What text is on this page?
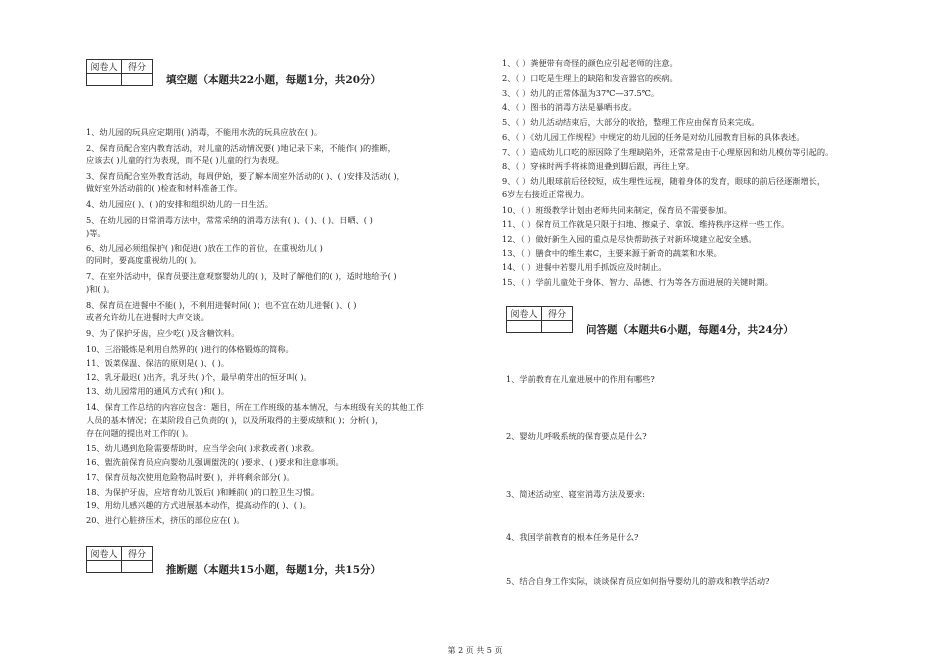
阅卷人	得分

填空题（本题共22小题，每题1分，共20分）
1、幼儿园的玩具应定期用( )消毒，不能用水洗的玩具应放在( )。
2、保育员配合室内教育活动，对儿童的活动情况要( )地记录下来，不能作( )的推断，
应该去( )儿童的行为表现，而不是( )儿童的行为表现。
3、保育员配合室外教育活动，每周伊始，要了解本周室外活动的( )、( )安排及活动( )，
做好室外活动前的( )检查和材料准备工作。
4、幼儿园应( )、( )的安排和组织幼儿的一日生活。
5、在幼儿园的日常消毒方法中，常常采纳的消毒方法有( )、( )、( )、日晒、( )
)等。
6、幼儿园必须组保护( )和促进( )放在工作的首位，在重视幼儿( )
的同时，要高度重视幼儿的( )。
7、在室外活动中，保育员要注意观察婴幼儿的( )，及时了解他们的( )，适时地给予( )
)和( )。
8、保育员在进餐中不能( )，不利用进餐时间( )；也不宜在幼儿进餐( )、( )
或者允许幼儿在进餐时大声交谈。
9、为了保护牙齿，应少吃( )及含糖饮料。
10、三浴锻炼是利用自然界的( )进行的体格锻炼的简称。
11、饭菜保温、保洁的原则是( )、( )。
12、乳牙最迟( )出齐，乳牙共( )个，最早萌芽出的恒牙叫( )。
13、幼儿园常用的通风方式有( )和( )。
14、保育工作总结的内容应包含：题目，所在工作班级的基本情况，与本班级有关的其他工作
人员的基本情况；在某阶段自己负责的( )，以及所取得的主要成绩和( )；分析( )，
存在问题的提出对工作的( )。
15、幼儿遇到危险需要帮助时，应当学会向( )求救或者( )求救。
16、盥洗前保育员应向婴幼儿强调盥洗的( )要求、( )要求和注意事项。
17、保育员每次使用危险物品时要( )，并将剩余部分( )。
18、为保护牙齿，应培育幼儿饭后( )和睡前( )的口腔卫生习惯。
19、用幼儿感兴趣的方式进展基本动作，提高动作的( )、( )。
20、进行心脏挤压术，挤压的部位应在( )。
阅卷人	得分

推断题（本题共15小题，每题1分，共15分）
1、（ ）粪便带有奇怪的颜色应引起老师的注意。
2、（ ）口吃是生理上的缺陷和发音器官的疾病。
3、（ ）幼儿的正常体温为37℃—37.5℃。
4、（ ）图书的消毒方法是暴晒书皮。
5、（ ）幼儿活动结束后，大部分的收拾，整理工作应由保育员来完成。
6、（ ）《幼儿园工作规程》中规定的幼儿园的任务是对幼儿园教育目标的具体表述。
7、（ ）造成幼儿口吃的原因除了生理缺陷外，还常常是由于心理原因和幼儿模仿等引起的。
8、（ ）穿袜时两手将袜筒退叠到脚后跟，再往上穿。
9、（ ）幼儿眼球前后径较短，成生理性远视，随着身体的发育，眼球的前后径逐渐增长，
6岁左右接近正常视力。
10、（ ）班级教学计划由老师共同来制定，保育员不需要参加。
11、（ ）保育员工作就是只限于扫地、擦桌子、拿饭、维持秩序这样一些工作。
12、（ ）做好新生入园的重点是尽快帮助孩子对新环境建立起安全感。
13、（ ）膳食中的维生素C，主要来源于新奇的蔬菜和水果。
14、（ ）进餐中若婴儿用手抓饭应及时制止。
15、（ ）学前儿童处于身体、智力、品德、行为等各方面进展的关键时期。
阅卷人	得分

问答题（本题共6小题，每题4分，共24分）
1、学前教育在儿童进展中的作用有哪些?
2、婴幼儿呼吸系统的保育要点是什么?
3、简述活动室、寝室消毒方法及要求:
4、我国学前教育的根本任务是什么?
5、结合自身工作实际，谈谈保育员应如何指导婴幼儿的游戏和教学活动?
第 2 页 共 5 页
